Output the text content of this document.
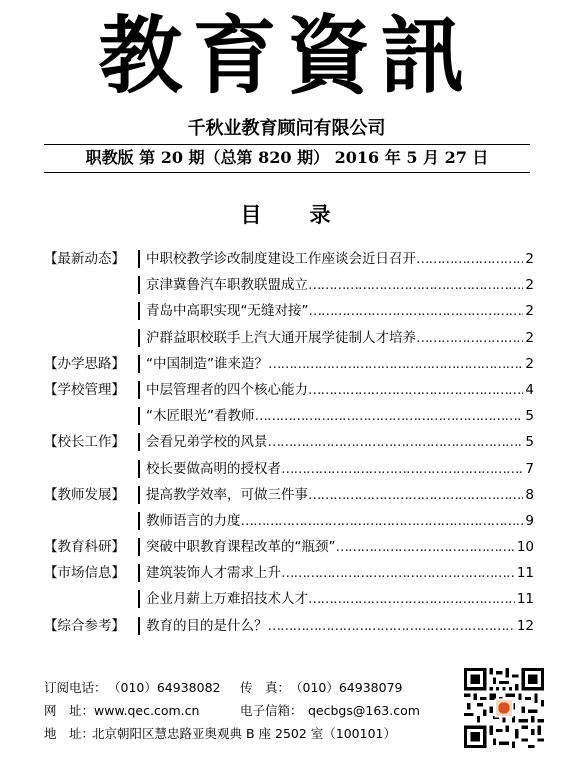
教育資訊
千秋业教育顾问有限公司
职教版 第 20 期（总第 820 期） 2016 年 5 月 27 日
目　　录
【最新动态】	中职校教学诊改制度建设工作座谈会近日召开 ……………………………………………………………………………………………………………	2
京津冀鲁汽车职教联盟成立 ……………………………………………………………………………………………………………	2
青岛中高职实现“无缝对接” ……………………………………………………………………………………………………………	2
沪群益职校联手上汽大通开展学徒制人才培养 ……………………………………………………………………………………………………………	2
【办学思路】	“中国制造”谁来造？ ……………………………………………………………………………………………………………	2
【学校管理】	中层管理者的四个核心能力 ……………………………………………………………………………………………………………	4
“木匠眼光”看教师 ……………………………………………………………………………………………………………	5
【校长工作】	会看兄弟学校的风景 ……………………………………………………………………………………………………………	5
校长要做高明的授权者 ……………………………………………………………………………………………………………	7
【教师发展】	提高教学效率，可做三件事 ……………………………………………………………………………………………………………	8
教师语言的力度 ……………………………………………………………………………………………………………	9
【教育科研】	突破中职教育课程改革的“瓶颈” ……………………………………………………………………………………………………………	10
【市场信息】	建筑装饰人才需求上升 ……………………………………………………………………………………………………………	11
企业月薪上万难招技术人才 ……………………………………………………………………………………………………………	11
【综合参考】	教育的目的是什么？ ……………………………………………………………………………………………………………	12
订阅电话： （010）64938082 传　真： （010）64938079
网　址： www.qec.com.cn	电子信箱： qecbgs@163.com
地　址：
北京朝阳区慧忠路亚奥观典 B 座 2502 室（100101）
